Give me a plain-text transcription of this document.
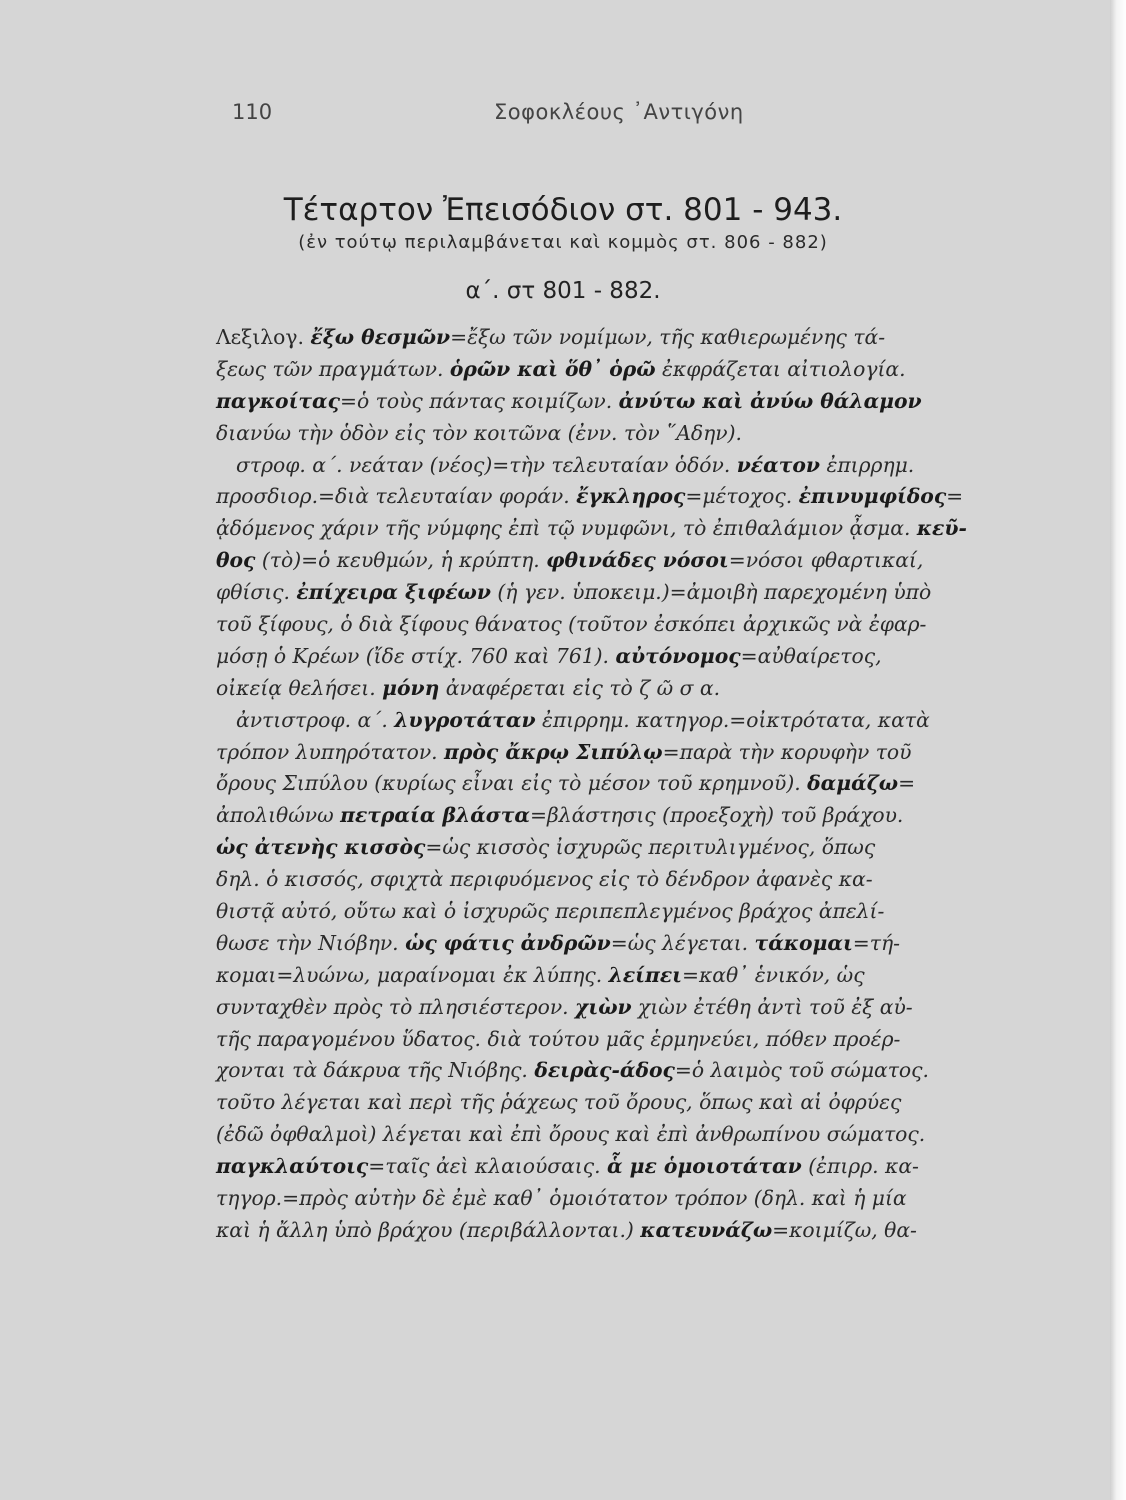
110	Σοφοκλέους ᾿Αντιγόνη
Τέταρτον Ἐπεισόδιον στ. 801 - 943.
(ἐν τούτῳ περιλαμβάνεται καὶ κομμὸς στ. 806 - 882)
α΄. στ 801 - 882.
Λεξιλογ. ἔξω θεσμῶν=ἔξω τῶν νομίμων, τῆς καθιερωμένης τά-
ξεως τῶν πραγμάτων. ὁρῶν καὶ ὅθ᾿ ὁρῶ ἐκφράζεται αἰτιολογία.
παγκοίτας=ὁ τοὺς πάντας κοιμίζων. ἀνύτω καὶ ἀνύω θάλαμον
διανύω τὴν ὁδὸν εἰς τὸν κοιτῶνα (ἐνν. τὸν ῞Αδην).
στροφ. α΄. νεάταν (νέος)=τὴν τελευταίαν ὁδόν. νέατον ἐπιρρημ.
προσδιορ.=διὰ τελευταίαν φοράν. ἔγκληρος=μέτοχος. ἐπινυμφίδος=
ᾀδόμενος χάριν τῆς νύμφης ἐπὶ τῷ νυμφῶνι, τὸ ἐπιθαλάμιον ᾆσμα. κεῦ-
θος (τὸ)=ὁ κευθμών, ἡ κρύπτη. φθινάδες νόσοι=νόσοι φθαρτικαί,
φθίσις. ἐπίχειρα ξιφέων (ἡ γεν. ὑποκειμ.)=ἀμοιβὴ παρεχομένη ὑπὸ
τοῦ ξίφους, ὁ διὰ ξίφους θάνατος (τοῦτον ἐσκόπει ἀρχικῶς νὰ ἐφαρ-
μόσῃ ὁ Κρέων (ἴδε στίχ. 760 καὶ 761). αὐτόνομος=αὐθαίρετος,
οἰκείᾳ θελήσει. μόνη ἀναφέρεται εἰς τὸ ζ ῶ σ α.
ἀντιστροφ. α΄. λυγροτάταν ἐπιρρημ. κατηγορ.=οἰκτρότατα, κατὰ
τρόπον λυπηρότατον. πρὸς ἄκρῳ Σιπύλῳ=παρὰ τὴν κορυφὴν τοῦ
ὄρους Σιπύλου (κυρίως εἶναι εἰς τὸ μέσον τοῦ κρημνοῦ). δαμάζω=
ἀπολιθώνω πετραία βλάστα=βλάστησις (προεξοχὴ) τοῦ βράχου.
ὡς ἀτενὴς κισσὸς=ὡς κισσὸς ἰσχυρῶς περιτυλιγμένος, ὅπως
δηλ. ὁ κισσός, σφιχτὰ περιφυόμενος εἰς τὸ δένδρον ἀφανὲς κα-
θιστᾷ αὐτό, οὕτω καὶ ὁ ἰσχυρῶς περιπεπλεγμένος βράχος ἀπελί-
θωσε τὴν Νιόβην. ὡς φάτις ἀνδρῶν=ὡς λέγεται. τάκομαι=τή-
κομαι=λυώνω, μαραίνομαι ἐκ λύπης. λείπει=καθ᾿ ἑνικόν, ὡς
συνταχθὲν πρὸς τὸ πλησιέστερον. χιὼν χιὼν ἐτέθη ἀντὶ τοῦ ἐξ αὐ-
τῆς παραγομένου ὕδατος. διὰ τούτου μᾶς ἑρμηνεύει, πόθεν προέρ-
χονται τὰ δάκρυα τῆς Νιόβης. δειρὰς-άδος=ὁ λαιμὸς τοῦ σώματος.
τοῦτο λέγεται καὶ περὶ τῆς ῥάχεως τοῦ ὄρους, ὅπως καὶ αἱ ὀφρύες
(ἐδῶ ὀφθαλμοὶ) λέγεται καὶ ἐπὶ ὄρους καὶ ἐπὶ ἀνθρωπίνου σώματος.
παγκλαύτοις=ταῖς ἀεὶ κλαιούσαις. ἇ με ὁμοιοτάταν (ἐπιρρ. κα-
τηγορ.=πρὸς αὐτὴν δὲ ἐμὲ καθ᾿ ὁμοιότατον τρόπον (δηλ. καὶ ἡ μία
καὶ ἡ ἄλλη ὑπὸ βράχου (περιβάλλονται.) κατευνάζω=κοιμίζω, θα-
